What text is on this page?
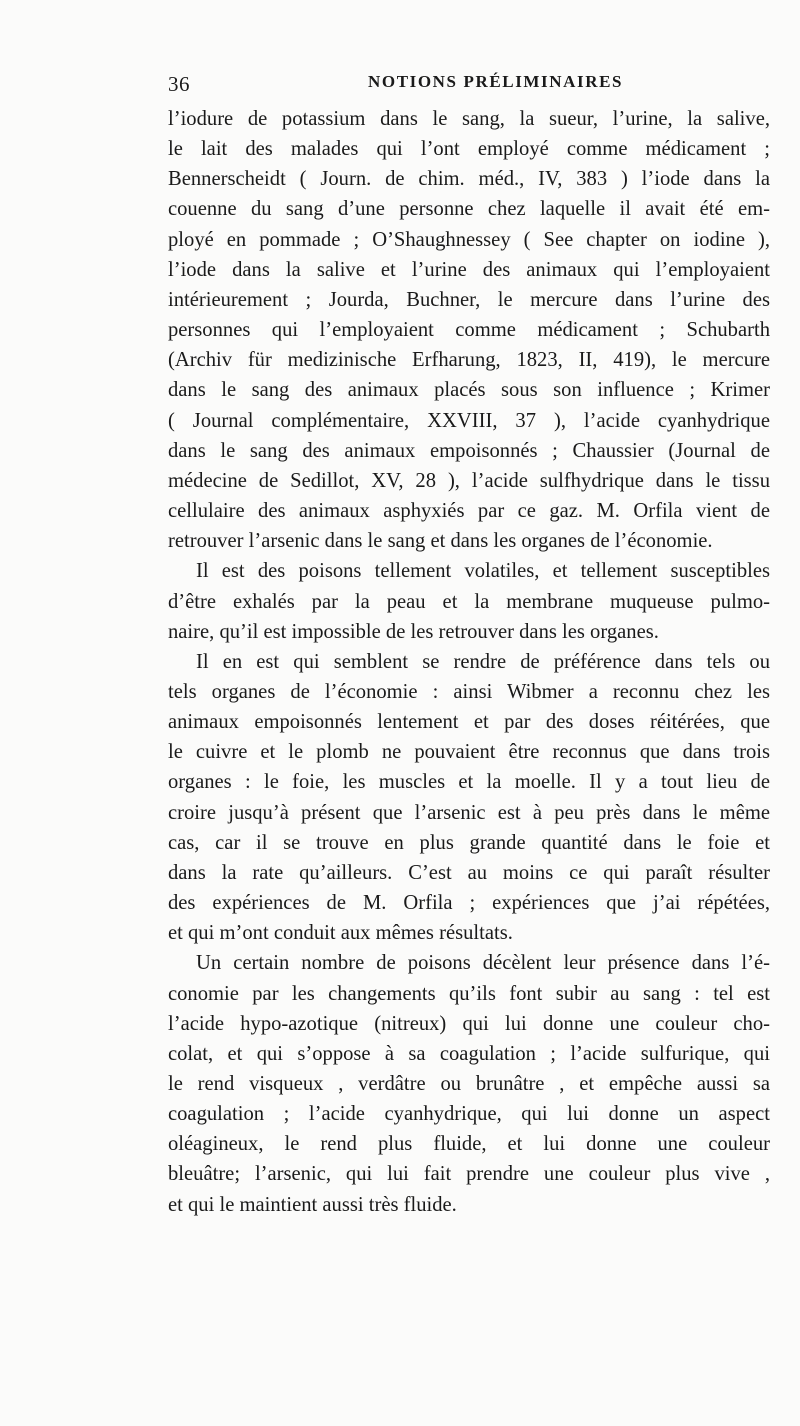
36	NOTIONS PRÉLIMINAIRES

l’iodure de potassium dans le sang, la sueur, l’urine, la salive,
le lait des malades qui l’ont employé comme médicament ;
Bennerscheidt ( Journ. de chim. méd., IV, 383 ) l’iode dans la
couenne du sang d’une personne chez laquelle il avait été em-
ployé en pommade ; O’Shaughnessey ( See chapter on iodine ),
l’iode dans la salive et l’urine des animaux qui l’employaient
intérieurement ; Jourda, Buchner, le mercure dans l’urine des
personnes qui l’employaient comme médicament ; Schubarth
(Archiv für medizinische Erfharung, 1823, II, 419), le mercure
dans le sang des animaux placés sous son influence ; Krimer
( Journal complémentaire, XXVIII, 37 ), l’acide cyanhydrique
dans le sang des animaux empoisonnés ; Chaussier (Journal de
médecine de Sedillot, XV, 28 ), l’acide sulfhydrique dans le tissu
cellulaire des animaux asphyxiés par ce gaz. M. Orfila vient de
retrouver l’arsenic dans le sang et dans les organes de l’économie.

Il est des poisons tellement volatiles, et tellement susceptibles
d’être exhalés par la peau et la membrane muqueuse pulmo-
naire, qu’il est impossible de les retrouver dans les organes.

Il en est qui semblent se rendre de préférence dans tels ou
tels organes de l’économie : ainsi Wibmer a reconnu chez les
animaux empoisonnés lentement et par des doses réitérées, que
le cuivre et le plomb ne pouvaient être reconnus que dans trois
organes : le foie, les muscles et la moelle. Il y a tout lieu de
croire jusqu’à présent que l’arsenic est à peu près dans le même
cas, car il se trouve en plus grande quantité dans le foie et
dans la rate qu’ailleurs. C’est au moins ce qui paraît résulter
des expériences de M. Orfila ; expériences que j’ai répétées,
et qui m’ont conduit aux mêmes résultats.

Un certain nombre de poisons décèlent leur présence dans l’é-
conomie par les changements qu’ils font subir au sang : tel est
l’acide hypo-azotique (nitreux) qui lui donne une couleur cho-
colat, et qui s’oppose à sa coagulation ; l’acide sulfurique, qui
le rend visqueux , verdâtre ou brunâtre , et empêche aussi sa
coagulation ; l’acide cyanhydrique, qui lui donne un aspect
oléagineux, le rend plus fluide, et lui donne une couleur
bleuâtre; l’arsenic, qui lui fait prendre une couleur plus vive ,
et qui le maintient aussi très fluide.
